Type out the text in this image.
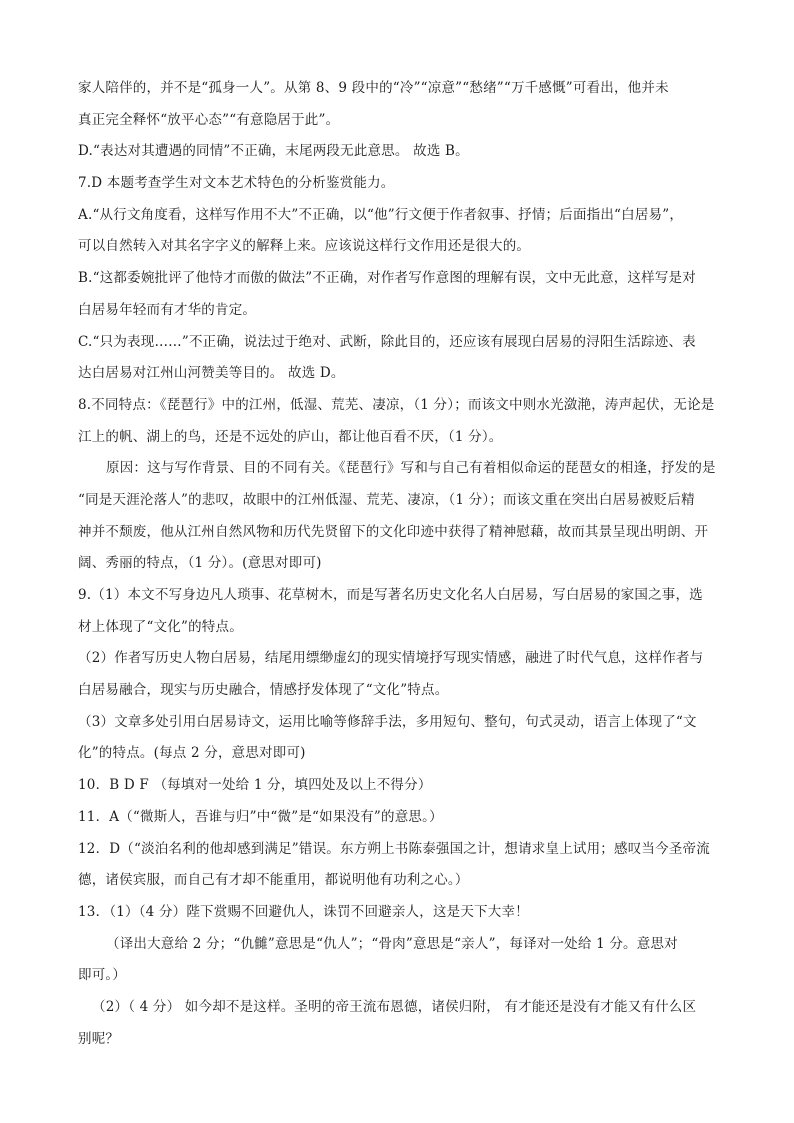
家人陪伴的，并不是“孤身一人”。从第 8、9 段中的“冷”“凉意”“愁绪”“万千感慨”可看出，他并未
真正完全释怀“放平心态”“有意隐居于此”。
D.“表达对其遭遇的同情”不正确，末尾两段无此意思。 故选 B。
7.D 本题考查学生对文本艺术特色的分析鉴赏能力。
A.“从行文角度看，这样写作用不大”不正确，以“他”行文便于作者叙事、抒情；后面指出“白居易”，
可以自然转入对其名字字义的解释上来。应该说这样行文作用还是很大的。
B.“这都委婉批评了他恃才而傲的做法”不正确，对作者写作意图的理解有误，文中无此意，这样写是对
白居易年轻而有才华的肯定。
C.“只为表现……”不正确，说法过于绝对、武断，除此目的，还应该有展现白居易的浔阳生活踪迹、表
达白居易对江州山河赞美等目的。 故选 D。
8.不同特点：《琵琶行》中的江州，低湿、荒芜、凄凉，（1 分）；而该文中则水光潋滟，涛声起伏，无论是
江上的帆、湖上的鸟，还是不远处的庐山，都让他百看不厌，（1 分）。
原因：这与写作背景、目的不同有关。《琵琶行》写和与自己有着相似命运的琵琶女的相逢，抒发的是
“同是天涯沦落人”的悲叹，故眼中的江州低湿、荒芜、凄凉，（1 分）；而该文重在突出白居易被贬后精
神并不颓废，他从江州自然风物和历代先贤留下的文化印迹中获得了精神慰藉，故而其景呈现出明朗、开
阔、秀丽的特点，（1 分）。(意思对即可)
9.（1）本文不写身边凡人琐事、花草树木，而是写著名历史文化名人白居易，写白居易的家国之事，选
材上体现了“文化”的特点。
（2）作者写历史人物白居易，结尾用缥缈虚幻的现实情境抒写现实情感，融进了时代气息，这样作者与
白居易融合，现实与历史融合，情感抒发体现了“文化”特点。
（3）文章多处引用白居易诗文，运用比喻等修辞手法，多用短句、整句，句式灵动，语言上体现了“文
化”的特点。(每点 2 分，意思对即可)
10．B D F （每填对一处给 1 分，填四处及以上不得分）
11．A（“微斯人，吾谁与归”中“微”是“如果没有”的意思。）
12．D（“淡泊名利的他却感到满足”错误。东方朔上书陈泰强国之计，想请求皇上试用；感叹当今圣帝流
德，诸侯宾服，而自己有才却不能重用，都说明他有功利之心。）
13．（1）（4 分）陛下赏赐不回避仇人，诛罚不回避亲人，这是天下大幸！
（译出大意给 2 分；“仇雠”意思是“仇人”；“骨肉”意思是“亲人”，每译对一处给 1 分。意思对
即可。）
（2）（ 4 分） 如今却不是这样。圣明的帝王流布恩德，诸侯归附， 有才能还是没有才能又有什么区
别呢？
